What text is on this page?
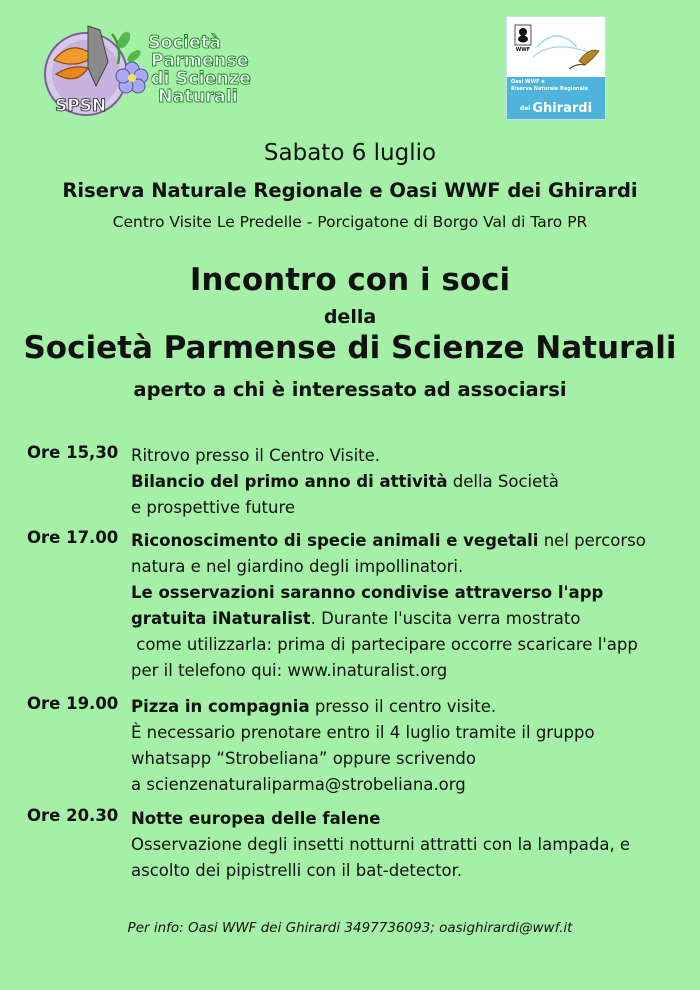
SPSN
Società
Parmense
di Scienze
Naturali
WWF
Oasi WWF e
Riserva Naturale Regionale
dei Ghirardi
Sabato 6 luglio
Riserva Naturale Regionale e Oasi WWF dei Ghirardi
Centro Visite Le Predelle - Porcigatone di Borgo Val di Taro PR
Incontro con i soci
della
Società Parmense di Scienze Naturali
aperto a chi è interessato ad associarsi
Ore 15,30 Ritrovo presso il Centro Visite.
Bilancio del primo anno di attività della Società
e prospettive future
Ore 17.00 Riconoscimento di specie animali e vegetali nel percorso
natura e nel giardino degli impollinatori.
Le osservazioni saranno condivise attraverso l'app
gratuita iNaturalist. Durante l'uscita verra mostrato
come utilizzarla: prima di partecipare occorre scaricare l'app
per il telefono qui: www.inaturalist.org
Ore 19.00 Pizza in compagnia presso il centro visite.
È necessario prenotare entro il 4 luglio tramite il gruppo
whatsapp “Strobeliana” oppure scrivendo
a scienzenaturaliparma@strobeliana.org
Ore 20.30 Notte europea delle falene
Osservazione degli insetti notturni attratti con la lampada, e
ascolto dei pipistrelli con il bat-detector.
Per info: Oasi WWF dei Ghirardi 3497736093; oasighirardi@wwf.it
